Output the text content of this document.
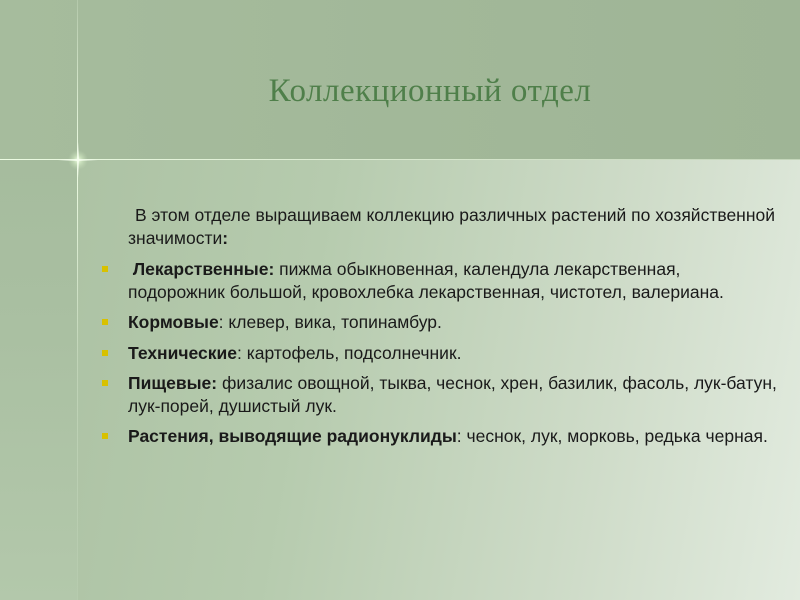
Коллекционный отдел

В этом отделе выращиваем коллекцию различных растений по хозяйственной значимости:

Лекарственные: пижма обыкновенная, календула лекарственная, подорожник большой, кровохлебка лекарственная, чистотел, валериана.
Кормовые: клевер, вика, топинамбур.
Технические: картофель, подсолнечник.
Пищевые: физалис овощной, тыква, чеснок, хрен, базилик, фасоль, лук-батун, лук-порей, душистый лук.
Растения, выводящие радионуклиды: чеснок, лук, морковь, редька черная.
